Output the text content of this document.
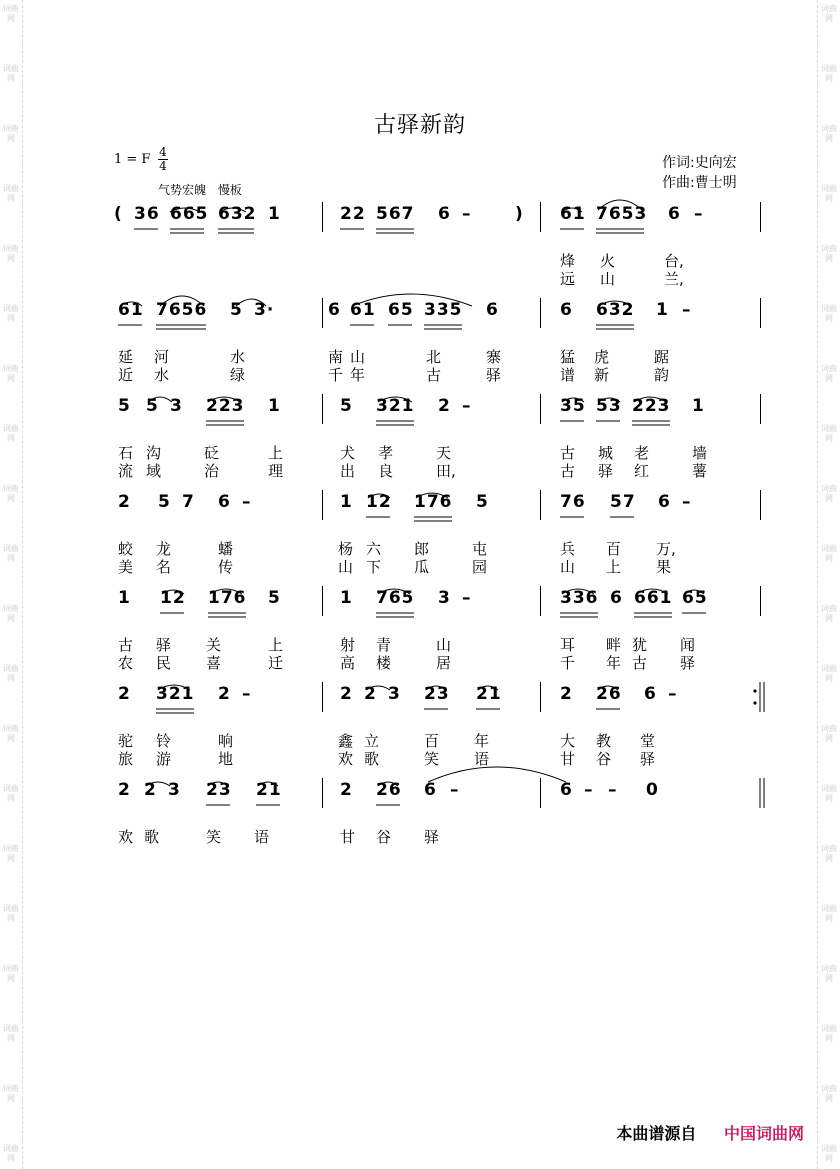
词曲网
词曲网
词曲网
词曲网
词曲网
词曲网
词曲网
词曲网
词曲网
词曲网
词曲网
词曲网
词曲网
词曲网
词曲网
词曲网
词曲网
词曲网
词曲网
词曲网
词曲网
词曲网
词曲网
词曲网
词曲网
词曲网
词曲网
词曲网
词曲网
词曲网
词曲网
词曲网
词曲网
词曲网
词曲网
词曲网
词曲网
词曲网
词曲网
词曲网
古驿新韵
1 = F 4
4
气势宏魄 慢板
作词:史向宏
作曲:曹士明
( 36 665 632 1	22 567 6 –	) 61 7653 6 –
烽 火	台,
远 山	兰,
61 7656 5 3·	6 61 65 335 6	6 632 1 –
延 河	水	南 山	北	寨	猛 虎	踞
近 水	绿	千 年	古	驿	谱 新	韵
5 5 3 223 1	5 321 2 –	35 53 223 1
石 沟	砭	上	犬 孝	天	古 城 老	墙
流 域	治	理	出 良	田,	古 驿 红	薯
2 5 7 6 –	1 12 176 5	76 57 6 –
蛟 龙	蟠	杨 六 郎	屯	兵 百 万,
美 名	传	山 下 瓜	园	山 上 果
1 12 176 5	1 765 3 –	336 6 661 65
古 驿 关	上	射 青	山	耳 畔 犹 闻
农 民 喜	迁	高 楼	居	千 年 古 驿
2 321 2 –	2 2 3 23 21	2 26 6 –
驼 铃	响	鑫 立	百 年	大 教 堂
旅 游	地	欢 歌	笑 语	甘 谷 驿
2 2 3 23 21	2 26 6 –	6 – – 0
欢 歌	笑 语	甘 谷 驿
本曲谱源自 中国词曲网
